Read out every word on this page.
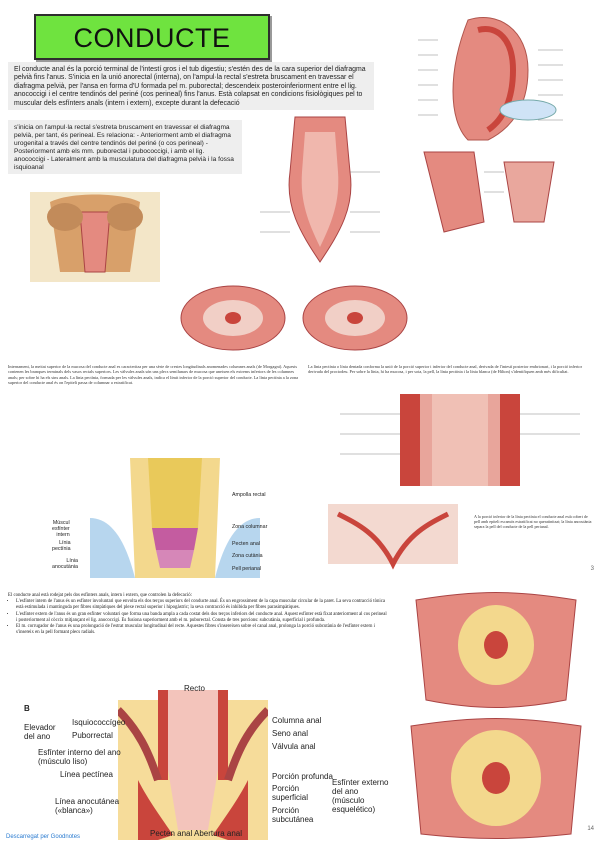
CONDUCTE
El conducte anal és la porció terminal de l'intestí gros i el tub digestiu; s'estén des de la cara superior del diafragma pelvià fins l'anus. S'inicia en la unió anorectal (interna), on l'ampul·la rectal s'estreta bruscament en travessar el diafragma pelvià, per l'ansa en forma d'U formada pel m. puborectal; descendeix posteroinferiorment entre el lig. anococcigi i el centre tendinós del periné (cos perineal) fins l'anus. Està colapsat en condicions fisiològiques pel to muscular dels esfínters anals (intern i extern), excepte durant la defecació
s'inicia on l'ampul·la rectal s'estreta bruscament en travessar el diafragma pelvià, per tant, és perineal. Es relaciona: - Anteriorment amb el diafragma urogenital a través del centre tendinós del periné (o cos perineal) - Posteriorment amb els mm. puborectal i pubococcigi, i amb el lig. anococcigi - Lateralment amb la musculatura del diafragma pelvià i la fossa isquioanal
Internament, la meitat superior de la mucosa del conducte anal es caracteritza per una sèrie de crestes longitudinals anomenades columnes anals (de Morgagni). Aquests contenen les branques terminals dels vasos rectals superiors. Les vàlvules anals són uns plecs semilunars de mucosa que uneixen els extrems inferiors de les columnes anals; per sobre hi ha els sins anals. La línia pectínia, formada per les vàlvules anals, indica el límit inferior de la porció superior del conducte. La línia pectínia a la zona superior del conducte anal és on l'epiteli passa de columnar a estratificat.
La línia pectínia o línia dentada conforma la unió de la porció superior i inferior del conducte anal, derivada de l'intestí posterior embrionari, i la porció inferior derivada del proctodeu. Per sobre la línia, hi ha mucosa, i per sota, la pell, la línia pectínia i la línia blanca (de Hilton) s'identifiquen amb més dificultat.
Ampolla rectal
Zona columnar
Pecten anal
Zona cutània
Pell perianal
Múscul
esfínter
intern
Línia
pectínia
Línia
anocutània
A la porció inferior de la línia pectínia el conducte anal està cobert de pell amb epiteli escamós estratificat no queratinitzat; la línia anocutània separa la pell del conducte de la pell perianal.
3

El conducte anal està rodejat pels dos esfínters anals, intern i extern, que controlen la defecació:

• L'esfínter intern de l'anus és un esfínter involuntari que envolta els dos terços superiors del conducte anal. És un engrossiment de la capa muscular circular de la paret. La seva contracció tònica està estimulada i mantinguda per fibres simpàtiques del plexe rectal superior i hipogàstric; la seva contracció és inhibida per fibres parasimpàtiques.
• L'esfínter extern de l'anus és un gran esfínter voluntari que forma una banda ampla a cada costat dels dos terços inferiors del conducte anal. Aquest esfínter està fixat anteriorment al cos perineal i posteriorment al còccix mitjançant el lig. anococcigi. Es fusiona superiorment amb el m. puborectal. Consta de tres porcions: subcutània, superficial i profunda.
• El m. corrugador de l'anus és una prolongació de l'estrat muscular longitudinal del recte. Aquestes fibres s'insereixen sobre el canal anal, prolonga la porció subcutània de l'esfínter extern i s'insereix en la pell formant plecs radials.
14
B
Recto
Elevador
del ano
Isquiococcígeo
Puborrectal
Esfínter interno del ano
(músculo liso)
Línea pectínea
Línea anocutánea
(«blanca»)
Pecten anal Abertura anal
Columna anal
Seno anal
Válvula anal
Porción profunda
Porción
superficial
Porción
subcutánea
Esfínter externo
del ano
(músculo
esquelético)
Descarregat per Goodnotes
